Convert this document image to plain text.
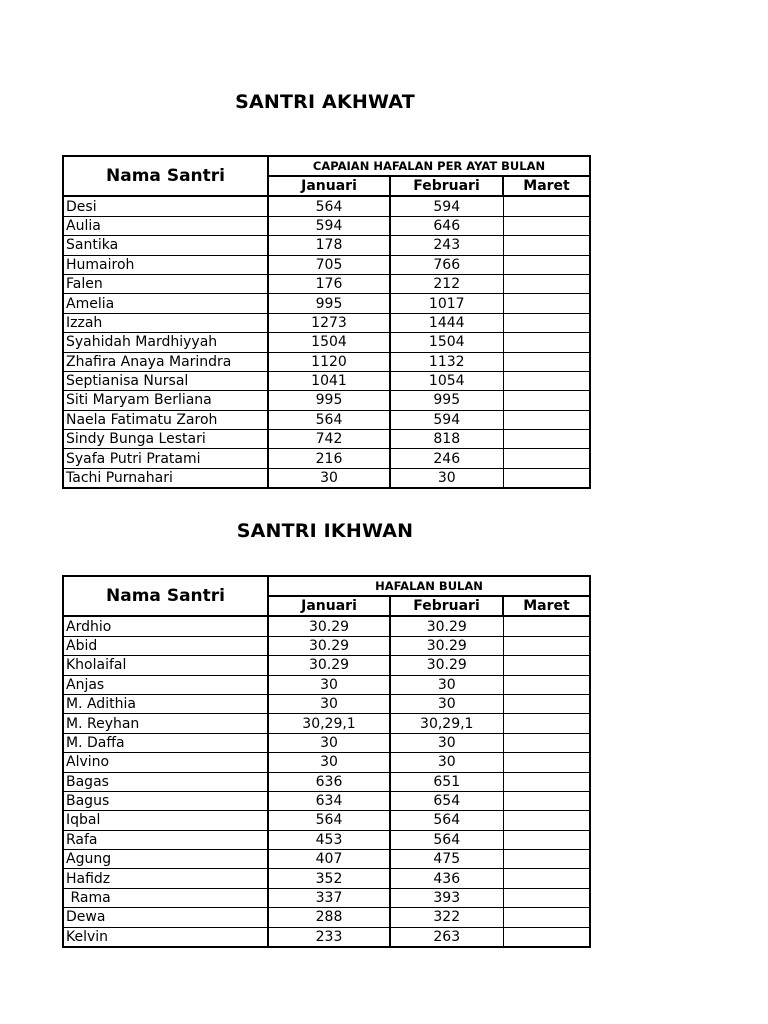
SANTRI AKHWAT
Nama Santri	CAPAIAN HAFALAN PER AYAT BULAN		
	Januari	Februari	Maret
Desi	564	594	
Aulia	594	646	
Santika	178	243	
Humairoh	705	766	
Falen	176	212	
Amelia	995	1017	
Izzah	1273	1444	
Syahidah Mardhiyyah	1504	1504	
Zhafira Anaya Marindra	1120	1132	
Septianisa Nursal	1041	1054	
Siti Maryam Berliana	995	995	
Naela Fatimatu Zaroh	564	594	
Sindy Bunga Lestari	742	818	
Syafa Putri Pratami	216	246	
Tachi Purnahari	30	30	
SANTRI IKHWAN
Nama Santri	HAFALAN BULAN		
	Januari	Februari	Maret
Ardhio	30.29	30.29	
Abid	30.29	30.29	
Kholaifal	30.29	30.29	
Anjas	30	30	
M. Adithia	30	30	
M. Reyhan	30,29,1	30,29,1	
M. Daffa	30	30	
Alvino	30	30	
Bagas	636	651	
Bagus	634	654	
Iqbal	564	564	
Rafa	453	564	
Agung	407	475	
Hafidz	352	436	
Rama	337	393	
Dewa	288	322	
Kelvin	233	263	
